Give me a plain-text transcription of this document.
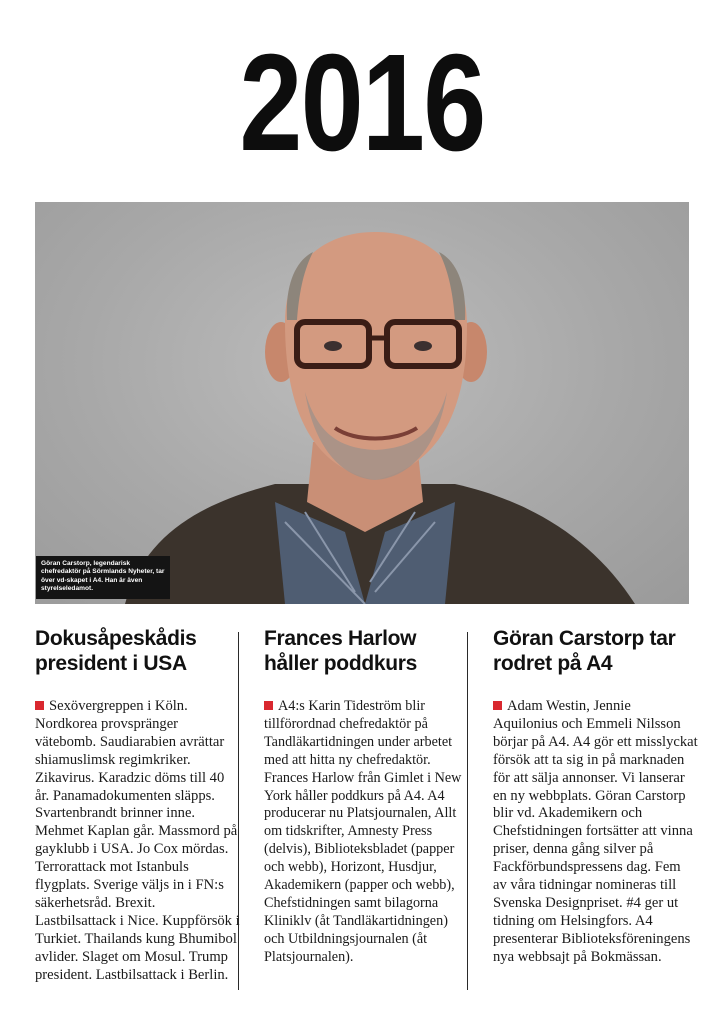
2016
Göran Carstorp, legendarisk chefredaktör på Sörmlands Nyheter, tar över vd-skapet i A4. Han är även styrelseledamot.
Dokusåpeskådis president i USA

Sexövergreppen i Köln. Nordkorea provspränger vätebomb. Saudiarabien avrättar shiamuslimsk regimkriker. Zikavirus. Karadzic döms till 40 år. Panamadokumenten släpps. Svartenbrandt brinner inne. Mehmet Kaplan går. Massmord på gayklubb i USA. Jo Cox mördas. Terrorattack mot Istanbuls flygplats. Sverige väljs in i FN:s säkerhetsråd. Brexit. Lastbilsattack i Nice. Kuppförsök i Turkiet. Thailands kung Bhumibol avlider. Slaget om Mosul. Trump president. Lastbilsattack i Berlin.

Frances Harlow håller poddkurs

A4:s Karin Tideström blir tillförordnad chefredaktör på Tandläkartidningen under arbetet med att hitta ny chefredaktör. Frances Harlow från Gimlet i New York håller poddkurs på A4. A4 producerar nu Platsjournalen, Allt om tidskrifter, Amnesty Press (delvis), Biblioteksbladet (papper och webb), Horizont, Husdjur, Akademikern (papper och webb), Chefstidningen samt bilagorna Kliniklv (åt Tandläkartidningen) och Utbildningsjournalen (åt Platsjournalen).

Göran Carstorp tar rodret på A4

Adam Westin, Jennie Aquilonius och Emmeli Nilsson börjar på A4. A4 gör ett misslyckat försök att ta sig in på marknaden för att sälja annonser. Vi lanserar en ny webbplats. Göran Carstorp blir vd. Akademikern och Chefstidningen fortsätter att vinna priser, denna gång silver på Fackförbundspressens dag. Fem av våra tidningar nomineras till Svenska Designpriset. #4 ger ut tidning om Helsingfors. A4 presenterar Biblioteksföreningens nya webbsajt på Bokmässan.
